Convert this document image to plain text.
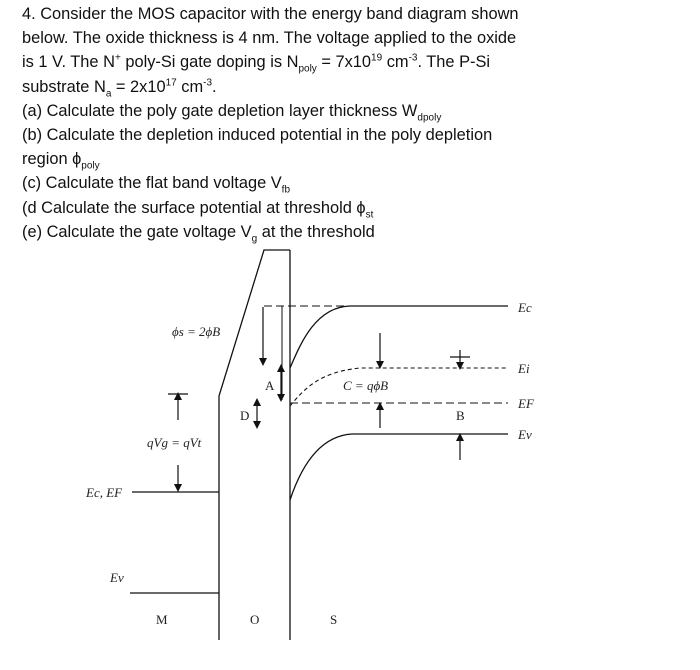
4. Consider the MOS capacitor with the energy band diagram shown

below. The oxide thickness is 4 nm. The voltage applied to the oxide

is 1 V. The N+ poly-Si gate doping is $N_{poly} = 7x10^{19}$ $cm^{-3}$. The P-Si

substrate $N_a = 2x10^{17}$ $cm^{-3}$.

(a) Calculate the poly gate depletion layer thickness $W_{dpoly}$

(b) Calculate the depletion induced potential in the poly depletion

region $\phi_{poly}$

(c) Calculate the flat band voltage $V_{fb}$

(d Calculate the surface potential at threshold $\phi_{st}$

(e) Calculate the gate voltage $V_g$ at the threshold

ϕs = 2ϕB
qVg = qVt
Ec, EF
Ev
A
D
C = qϕB
B
Ec
Ei
EF
Ev
M	O	S
